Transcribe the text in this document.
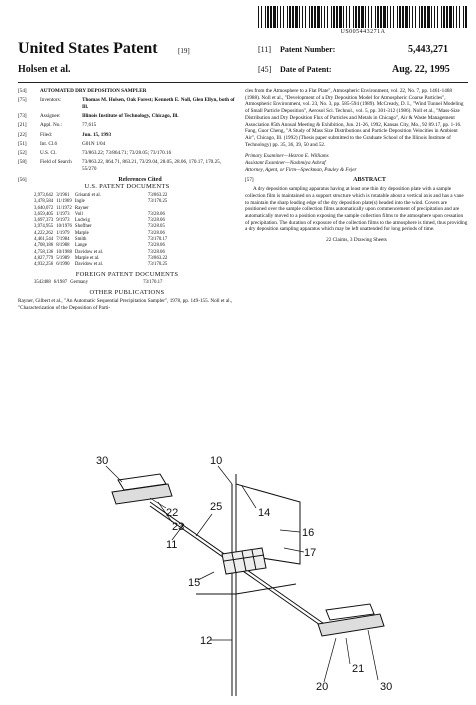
US005443271A
United States Patent	[19]
Holsen et al.
[11] Patent Number:	5,443,271
[45] Date of Patent:	Aug. 22, 1995
[54]	AUTOMATED DRY DEPOSITION SAMPLER
[75]	Inventors:	Thomas M. Holsen, Oak Forest; Kenneth E. Noll, Glen Ellyn, both of Ill.
[73]	Assignee:	Illinois Institute of Technology, Chicago, Ill.
[21]	Appl. No.:	77,615
[22]	Filed:	Jun. 15, 1993
[51]	Int. Cl.6	G01N 1/04
[52]	U.S. Cl.	73/863.22; 73/864.71; 73/28.05; 73/170.16
[58]	Field of Search	73/863.22, 864.71, 863.21, 73/29.04, 28.05, 28.06, 170.17, 170.25, 55/270
[56]	References Cited
U.S. PATENT DOCUMENTS
2,973,642	3/1961	Grisanti et al.	73/863.22
3,478,584	11/1969	Ingle	73/170.25
3,640,072	11/1972	Rayner	
3,659,405	1/1973	Voll	73/28.06
3,697,373	9/1973	Ludwig	73/28.06
3,974,955	10/1976	Shoffner	73/28.05
4,222,262	1/1979	Marple	73/28.06
4,461,544	7/1984	Smith	73/170.17
4,708,186	8/1988	Lange	73/28.06
4,758,136	10/1988	Davidow et al.	73/28.06
4,827,779	5/1989	Marple et al.	73/863.22
4,932,256	6/1990	Davidow et al.	73/170.25
FOREIGN PATENT DOCUMENTS
3542488	6/1987	Germany	73/170.17
OTHER PUBLICATIONS
Rayner, Gilbert et al., "An Automatic Sequential Precipitation Sampler", 1978, pp. 149-155. Noll et al., "Characterization of the Deposition of Parti-
cles from the Atmosphere to a Flat Plate", Atmospheric Environment, vol. 22, No. 7, pp. 1461-1468 (1988). Noll et al., "Development of a Dry Deposition Model for Atmospheric Coarse Particles", Atmospheric Environment, vol. 23, No. 3, pp. 585-594 (1989). McCready, D. I., "Wind Tunnel Modeling of Small Particle Deposition", Aerosol Sci. Technol., vol. 5, pp. 301-312 (1986). Noll et al., "Mass-Size Distribution and Dry Deposition Flux of Particles and Metals in Chicago", Air & Waste Management Association 85th Annual Meeting & Exhibition, Jun. 21-26, 1992, Kansas City, Mo., 92 89.17, pp. 1-16. Fang, Guor Cheng, "A Study of Mass Size Distributions and Particle Deposition Velocities in Ambient Air", Chicago, Ill. (1992) (Thesis paper submitted to the Graduate School of the Illinois Institute of Technology) pp. 35, 36, 39, 50 and 52.
Primary Examiner—Hezron E. Williams
Assistant Examiner—Nashmiya Ashraf
Attorney, Agent, or Firm—Speckman, Pauley & Fejer
[57]	ABSTRACT
A dry deposition sampling apparatus having at least one thin dry deposition plate with a sample collection film is maintained on a support structure which is rotatable about a vertical axis and has a vane to maintain the sharp leading edge of the dry deposition plate(s) headed into the wind. Covers are positioned over the sample collection films automatically upon commencement of precipitation and are automatically moved to a position exposing the sample collection films to the atmosphere upon cessation of precipitation. The duration of exposure of the collection films to the atmosphere is timed, thus providing a dry deposition sampling apparatus which may be left unattended for long periods of time.
22 Claims, 3 Drawing Sheets
10
14
30
22
23
25
11
15
17
16
12
21
20	30
